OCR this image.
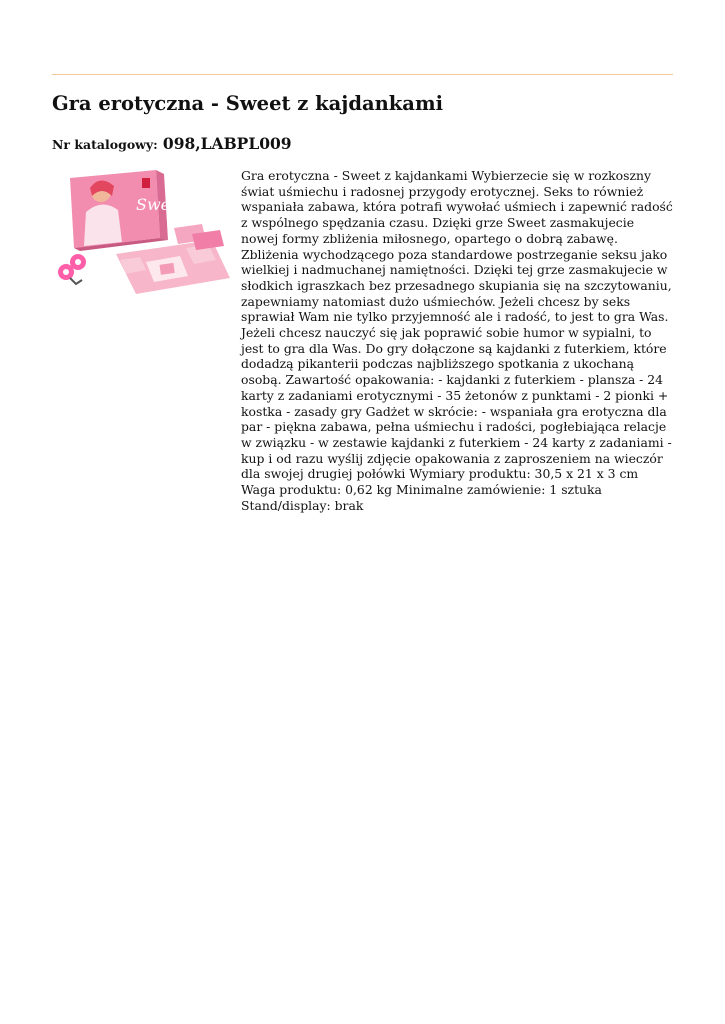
Gra erotyczna - Sweet z kajdankami
Nr katalogowy: 098,LABPL009
Sweet

Gra erotyczna - Sweet z kajdankami Wybierzecie się w rozkoszny świat uśmiechu i radosnej przygody erotycznej. Seks to również wspaniała zabawa, która potrafi wywołać uśmiech i zapewnić radość z wspólnego spędzania czasu. Dzięki grze Sweet zasmakujecie nowej formy zbliżenia miłosnego, opartego o dobrą zabawę. Zbliżenia wychodzącego poza standardowe postrzeganie seksu jako wielkiej i nadmuchanej namiętności. Dzięki tej grze zasmakujecie w słodkich igraszkach bez przesadnego skupiania się na szczytowaniu, zapewniamy natomiast dużo uśmiechów. Jeżeli chcesz by seks sprawiał Wam nie tylko przyjemność ale i radość, to jest to gra Was. Jeżeli chcesz nauczyć się jak poprawić sobie humor w sypialni, to jest to gra dla Was. Do gry dołączone są kajdanki z futerkiem, które dodadzą pikanterii podczas najbliższego spotkania z ukochaną osobą. Zawartość opakowania: - kajdanki z futerkiem - plansza - 24 karty z zadaniami erotycznymi - 35 żetonów z punktami - 2 pionki + kostka - zasady gry Gadżet w skrócie: - wspaniała gra erotyczna dla par - piękna zabawa, pełna uśmiechu i radości, pogłebiająca relacje w związku - w zestawie kajdanki z futerkiem - 24 karty z zadaniami - kup i od razu wyślij zdjęcie opakowania z zaproszeniem na wieczór dla swojej drugiej połówki Wymiary produktu: 30,5 x 21 x 3 cm Waga produktu: 0,62 kg Minimalne zamówienie: 1 sztuka Stand/display: brak
